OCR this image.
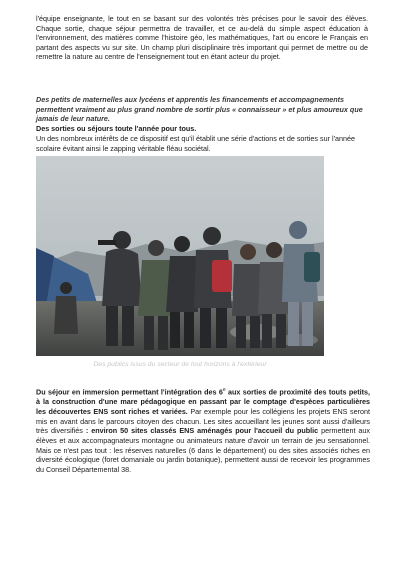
l'équipe enseignante, le tout en se basant sur des volontés très précises pour le savoir des élèves. Chaque sortie, chaque séjour permettra de travailler, et ce au-delà du simple aspect éducation à l'environnement, des matières comme l'histoire géo, les mathématiques, l'art ou encore le Français en partant des aspects vu sur site. Un champ pluri disciplinaire très important qui permet de mettre ou de remettre la nature au centre de l'enseignement tout en étant acteur du projet.
Des petits de maternelles aux lycéens et apprentis les financements et accompagnements permettent vraiment au plus grand nombre de sortir plus « connaisseur » et plus amoureux que jamais de leur nature.
Des sorties ou séjours toute l'année pour tous.
Un des nombreux intérêts de ce dispositif est qu'il établit une série d'actions et de sorties sur l'année scolaire évitant ainsi le zapping véritable fléau sociétal.
Des publics issus du secteur de tout horizons à l'extérieur
Du séjour en immersion permettant l'intégration des 6e aux sorties de proximité des touts petits, à la construction d'une mare pédagogique en passant par le comptage d'espèces particulières les découvertes ENS sont riches et variées. Par exemple pour les collégiens les projets ENS seront mis en avant dans le parcours citoyen des chacun. Les sites accueillant les jeunes sont aussi d'ailleurs très diversifiés : environ 50 sites classés ENS aménagés pour l'accueil du public permettent aux élèves et aux accompagnateurs montagne ou animateurs nature d'avoir un terrain de jeu sensationnel. Mais ce n'est pas tout : les réserves naturelles (6 dans le département) ou des sites associés riches en diversité écologique (foret domaniale ou jardin botanique), permettent aussi de recevoir les programmes du Conseil Départemental 38.
